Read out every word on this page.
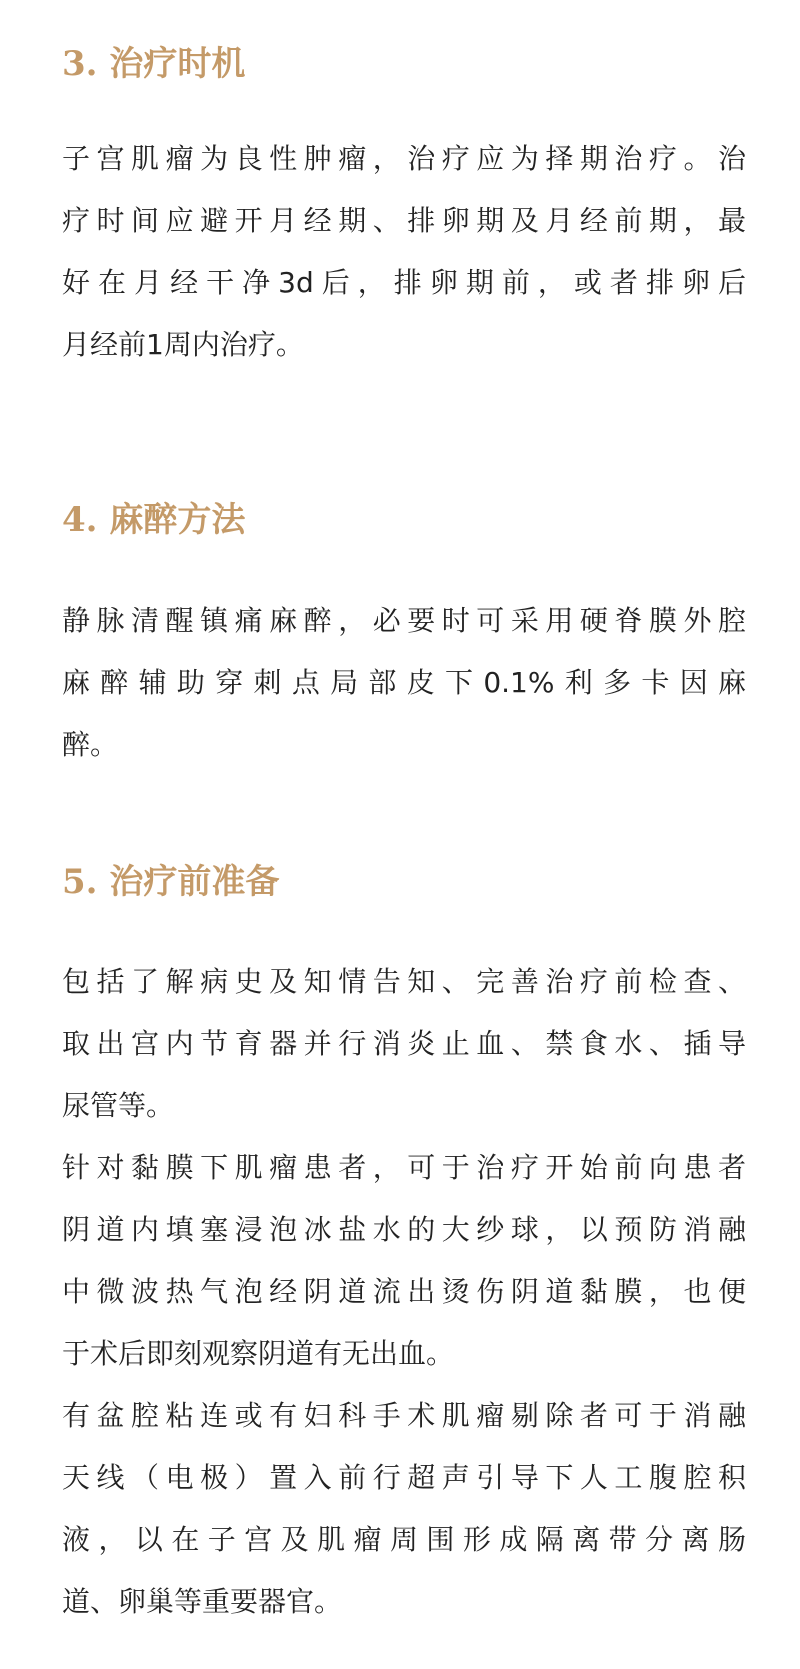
3. 治疗时机
子宫肌瘤为良性肿瘤，治疗应为择期治疗。治
疗时间应避开月经期、排卵期及月经前期，最
好在月经干净3d后，排卵期前，或者排卵后
月经前1周内治疗。
4. 麻醉方法
静脉清醒镇痛麻醉，必要时可采用硬脊膜外腔
麻醉辅助穿刺点局部皮下0.1%利多卡因麻
醉。
5. 治疗前准备
包括了解病史及知情告知、完善治疗前检查、
取出宫内节育器并行消炎止血、禁食水、插导
尿管等。
针对黏膜下肌瘤患者，可于治疗开始前向患者
阴道内填塞浸泡冰盐水的大纱球，以预防消融
中微波热气泡经阴道流出烫伤阴道黏膜，也便
于术后即刻观察阴道有无出血。
有盆腔粘连或有妇科手术肌瘤剔除者可于消融
天线（电极）置入前行超声引导下人工腹腔积
液，以在子宫及肌瘤周围形成隔离带分离肠
道、卵巢等重要器官。
